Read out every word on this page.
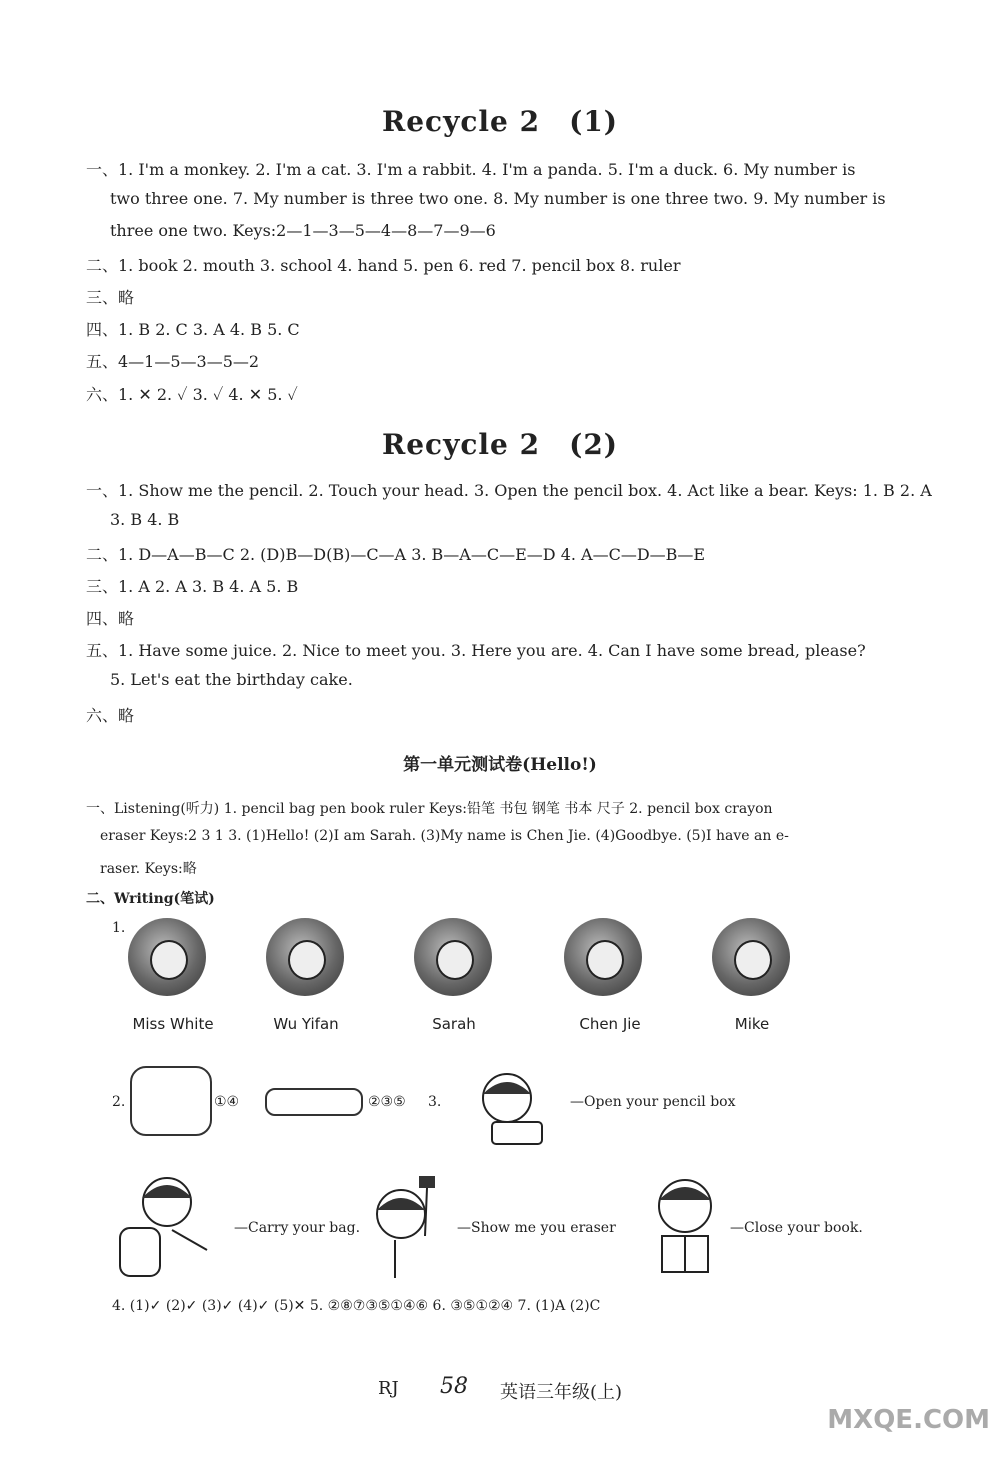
Recycle 2　(1)
一、1. I'm a monkey. 2. I'm a cat. 3. I'm a rabbit. 4. I'm a panda. 5. I'm a duck. 6. My number is
two three one. 7. My number is three two one. 8. My number is one three two. 9. My number is
three one two. Keys:2—1—3—5—4—8—7—9—6
二、1. book 2. mouth 3. school 4. hand 5. pen 6. red 7. pencil box 8. ruler
三、略
四、1. B 2. C 3. A 4. B 5. C
五、4—1—5—3—5—2
六、1. ✕ 2. ✓ 3. ✓ 4. ✕ 5. ✓
Recycle 2　(2)
一、1. Show me the pencil. 2. Touch your head. 3. Open the pencil box. 4. Act like a bear. Keys: 1. B 2. A
3. B 4. B
二、1. D—A—B—C 2. (D)B—D(B)—C—A 3. B—A—C—E—D 4. A—C—D—B—E
三、1. A 2. A 3. B 4. A 5. B
四、略
五、1. Have some juice. 2. Nice to meet you. 3. Here you are. 4. Can I have some bread, please?
5. Let's eat the birthday cake.
六、略
第一单元测试卷(Hello!)
一、Listening(听力) 1. pencil bag pen book ruler Keys:铅笔 书包 钢笔 书本 尺子 2. pencil box crayon
eraser Keys:2 3 1 3. (1)Hello! (2)I am Sarah. (3)My name is Chen Jie. (4)Goodbye. (5)I have an e-
raser. Keys:略
二、Writing(笔试)
1.
Miss White	Wu Yifan	Sarah	Chen Jie	Mike
2.	①④	②③⑤ 3.	—Open your pencil box
—Carry your bag.	—Show me you eraser	—Close your book.
4. (1)✓ (2)✓ (3)✓ (4)✓ (5)✕ 5. ②⑧⑦③⑤①④⑥ 6. ③⑤①②④ 7. (1)A (2)C
RJ 58 英语三年级(上)
MXQE.COM
